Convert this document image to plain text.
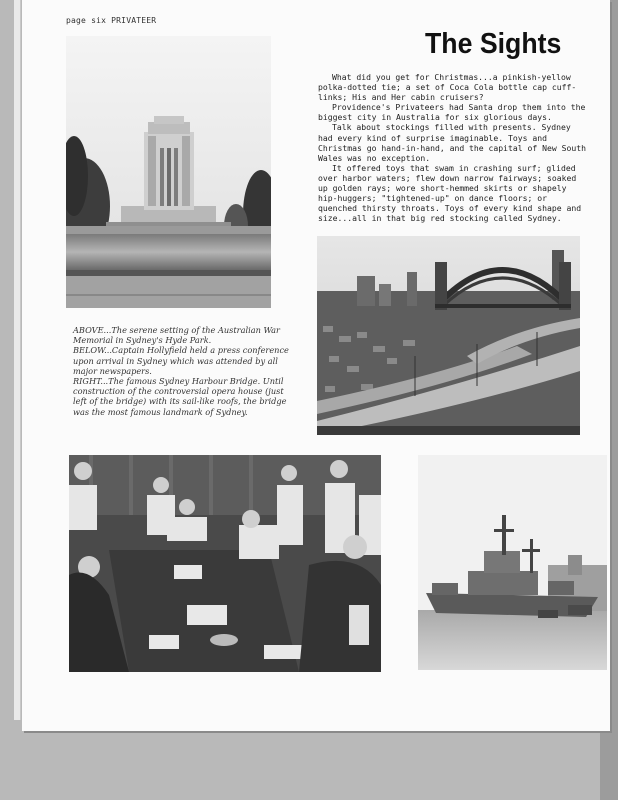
page six PRIVATEER
The Sights

What did you get for Christmas...a pinkish-yellow polka-dotted tie; a set of Coca Cola bottle cap cuff-links; His and Her cabin cruisers?

Providence's Privateers had Santa drop them into the biggest city in Australia for six glorious days.

Talk about stockings filled with presents. Sydney had every kind of surprise imaginable. Toys and Christmas go hand-in-hand, and the capital of New South Wales was no exception.

It offered toys that swam in crashing surf; glided over harbor waters; flew down narrow fairways; soaked up golden rays; wore short-hemmed skirts or shapely hip-huggers; "tightened-up" on dance floors; or quenched thirsty throats. Toys of every kind shape and size...all in that big red stocking called Sydney.

ABOVE...The serene setting of the Australian War Memorial in Sydney's Hyde Park.

BELOW...Captain Hollyfield held a press conference upon arrival in Sydney which was attended by all major newspapers.

RIGHT...The famous Sydney Harbour Bridge. Until construction of the controversial opera house (just left of the bridge) with its sail-like roofs, the bridge was the most famous landmark of Sydney.
